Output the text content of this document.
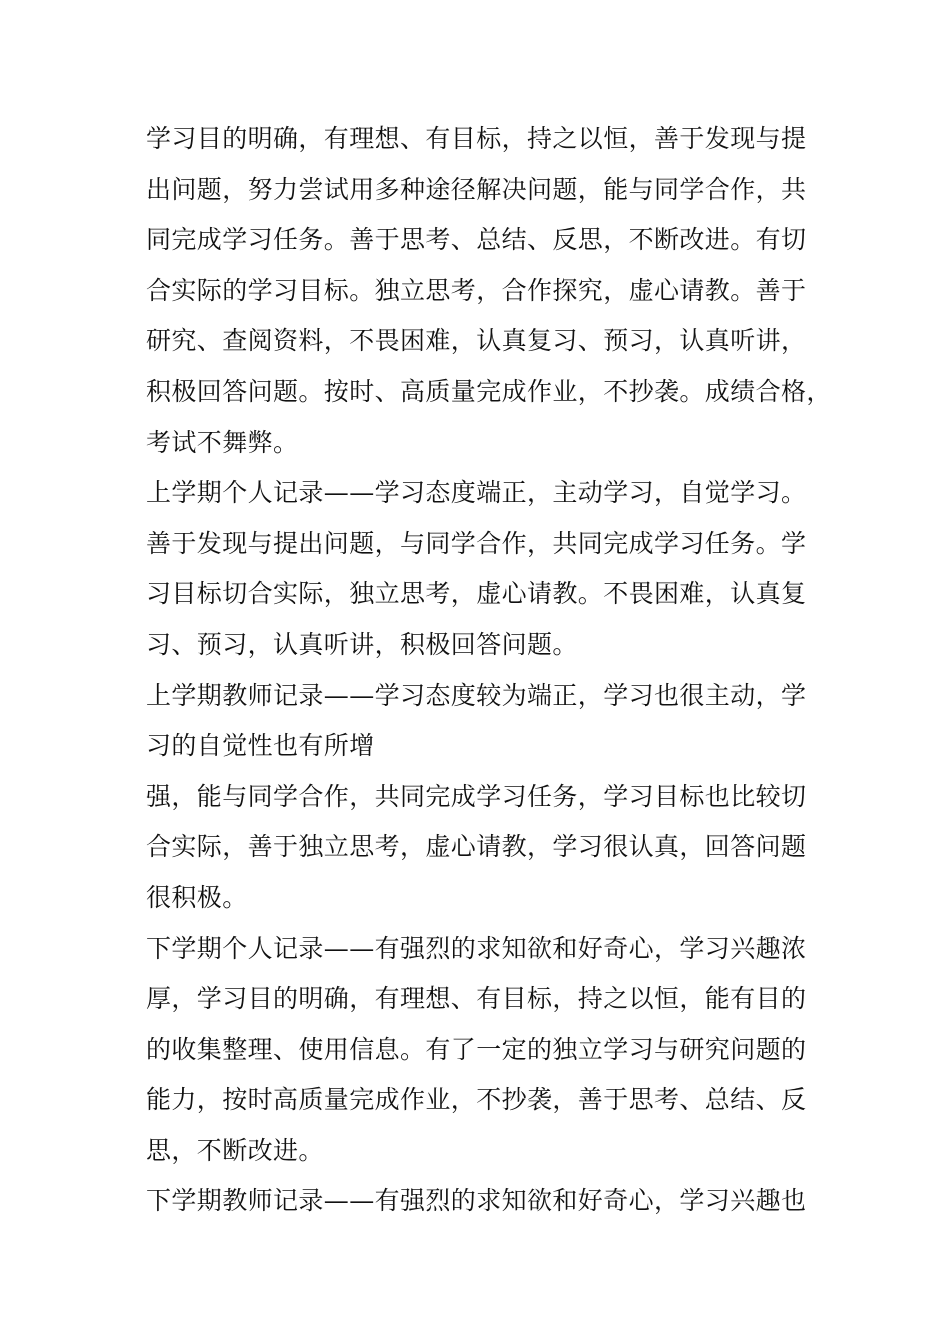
学习目的明确，有理想、有目标，持之以恒，善于发现与提
出问题，努力尝试用多种途径解决问题，能与同学合作，共
同完成学习任务。善于思考、总结、反思，不断改进。有切
合实际的学习目标。独立思考，合作探究，虚心请教。善于
研究、查阅资料，不畏困难，认真复习、预习，认真听讲，
积极回答问题。按时、高质量完成作业，不抄袭。成绩合格，
考试不舞弊。
上学期个人记录——学习态度端正，主动学习，自觉学习。
善于发现与提出问题，与同学合作，共同完成学习任务。学
习目标切合实际，独立思考，虚心请教。不畏困难，认真复
习、预习，认真听讲，积极回答问题。
上学期教师记录——学习态度较为端正，学习也很主动，学
习的自觉性也有所增
强，能与同学合作，共同完成学习任务，学习目标也比较切
合实际，善于独立思考，虚心请教，学习很认真，回答问题
很积极。
下学期个人记录——有强烈的求知欲和好奇心，学习兴趣浓
厚，学习目的明确，有理想、有目标，持之以恒，能有目的
的收集整理、使用信息。有了一定的独立学习与研究问题的
能力，按时高质量完成作业，不抄袭，善于思考、总结、反
思，不断改进。
下学期教师记录——有强烈的求知欲和好奇心，学习兴趣也
